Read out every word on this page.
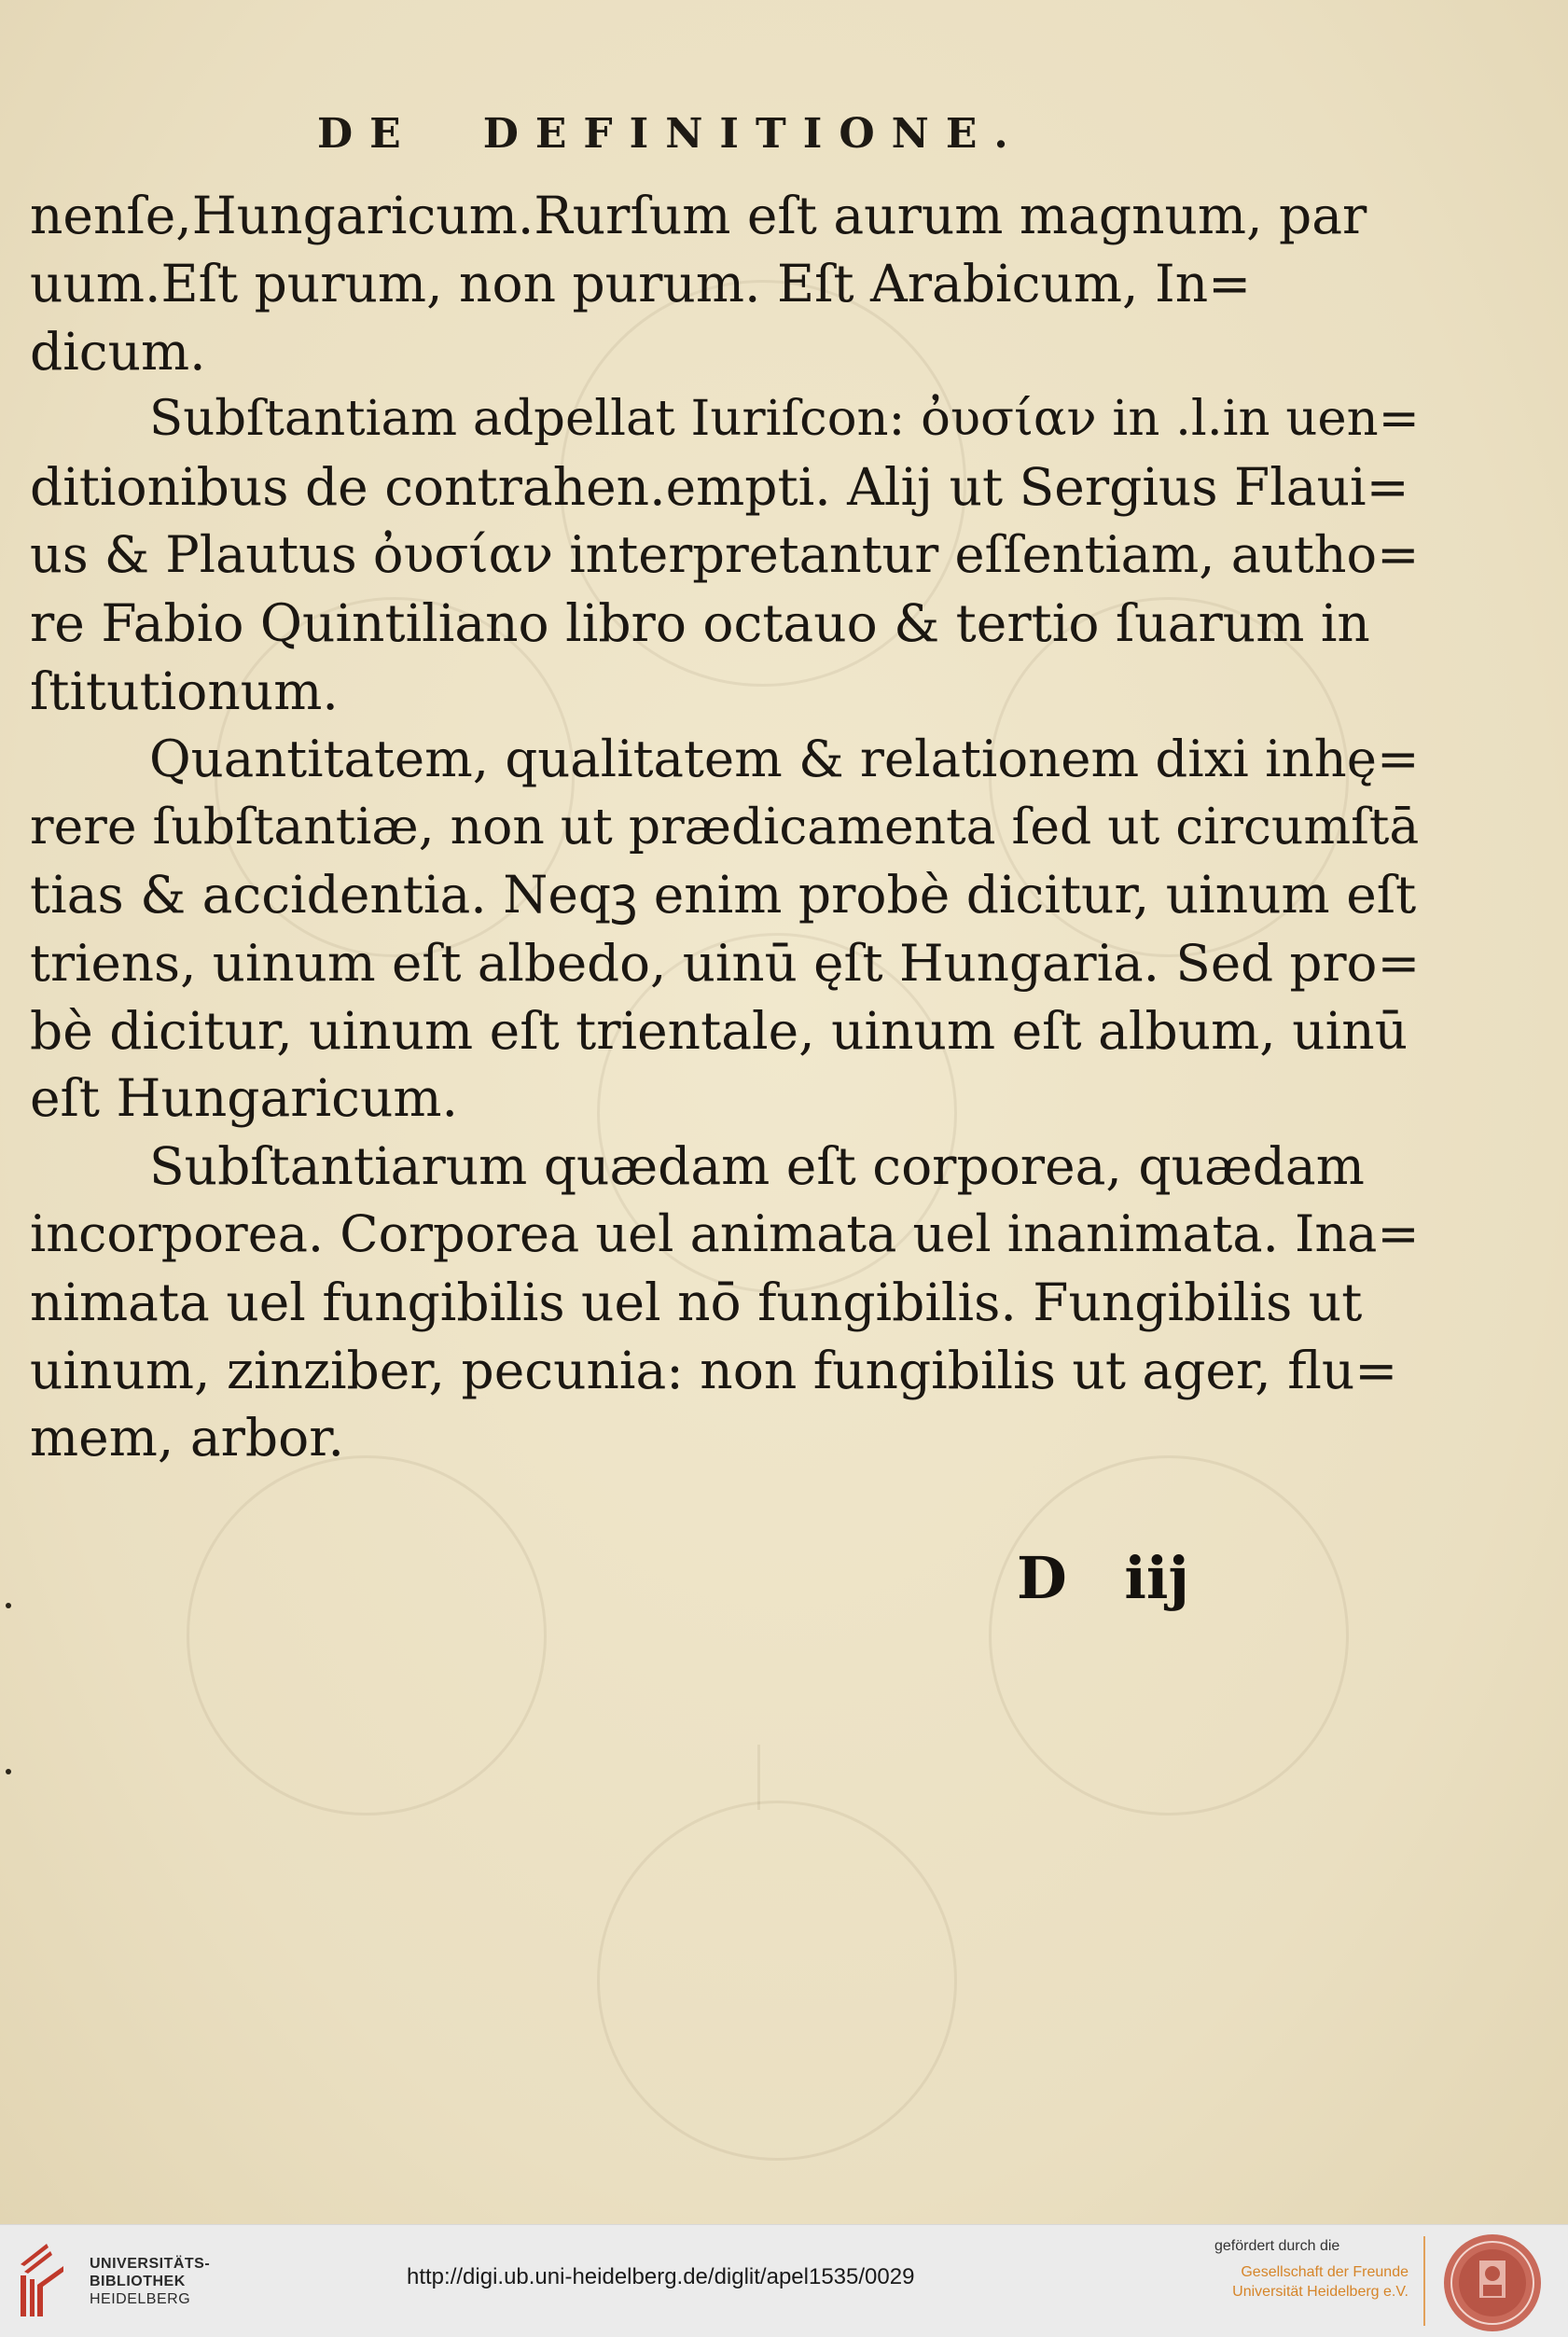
DE DEFINITIONE.
nenſe,Hungaricum.Rurſum eſt aurum magnum, par
uum.Eſt purum, non purum. Eſt Arabicum, In=
dicum.
Subſtantiam adpellat Iuriſcon: ὀυσίαν in .l.in uen=
ditionibus de contrahen.empti. Alij ut Sergius Flaui=
us & Plautus ὀυσίαν interpretantur eſſentiam, autho=
re Fabio Quintiliano libro octauo & tertio ſuarum in
ſtitutionum.
Quantitatem, qualitatem & relationem dixi inhę=
rere ſubſtantiæ, non ut prædicamenta ſed ut circumſtā
tias & accidentia. Neqꝫ enim probè dicitur, uinum eſt
triens, uinum eſt albedo, uinū ęſt Hungaria. Sed pro=
bè dicitur, uinum eſt trientale, uinum eſt album, uinū
eſt Hungaricum.
Subſtantiarum quædam eſt corporea, quædam
incorporea. Corporea uel animata uel inanimata. Ina=
nimata uel fungibilis uel nō fungibilis. Fungibilis ut
uinum, zinziber, pecunia: non fungibilis ut ager, flu=
mem, arbor.
D iij
UNIVERSITÄTS-
BIBLIOTHEK
HEIDELBERG
http://digi.ub.uni-heidelberg.de/diglit/apel1535/0029
gefördert durch die
Gesellschaft der Freunde
Universität Heidelberg e.V.
